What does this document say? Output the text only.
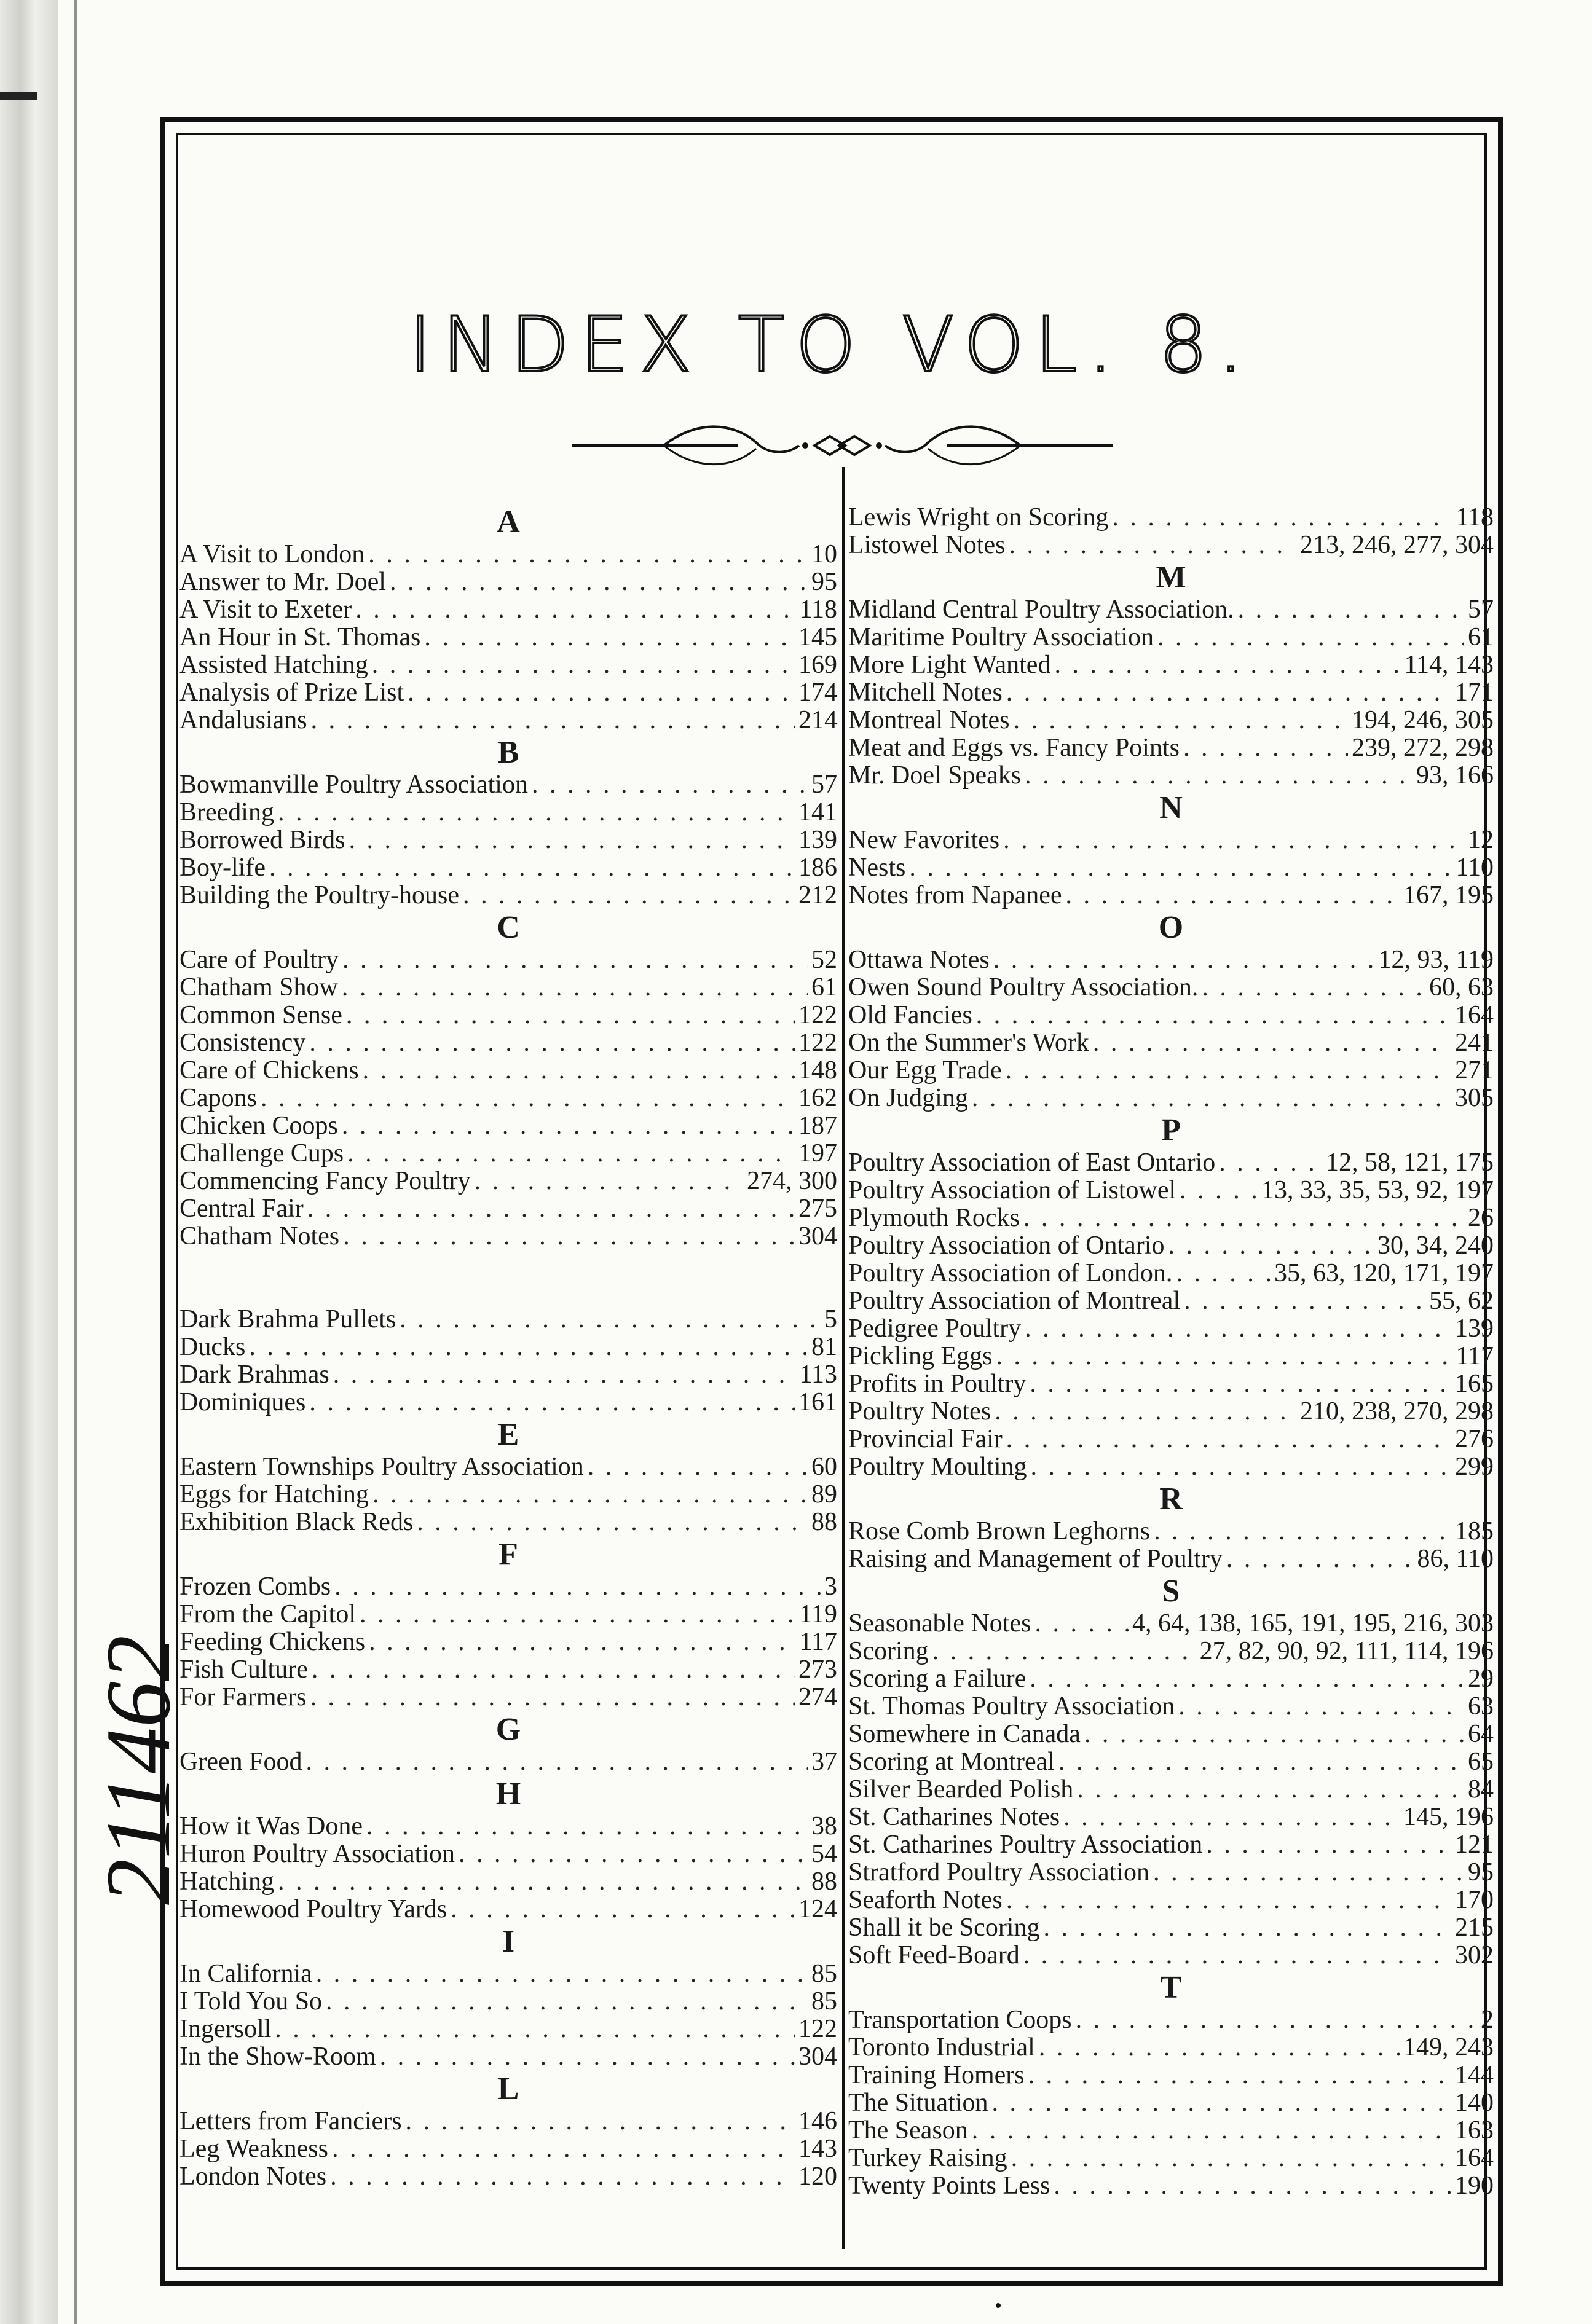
211462
INDEX TO VOL. 8.
A
A Visit to London . . .	10
Answer to Mr. Doel . . .	95
A Visit to Exeter . . .	118
An Hour in St. Thomas . . .	145
Assisted Hatching . . .	169
Analysis of Prize List . . .	174
Andalusians . . .	214
B
Bowmanville Poultry Association . . .	57
Breeding . . .	141
Borrowed Birds . . .	139
Boy-life . . .	186
Building the Poultry-house . . .	212
C
Care of Poultry . . .	52
Chatham Show . . .	61
Common Sense . . .	122
Consistency . . .	122
Care of Chickens . . .	148
Capons . . .	162
Chicken Coops . . .	187
Challenge Cups . . .	197
Commencing Fancy Poultry . . .	274, 300
Central Fair . . .	275
Chatham Notes . . .	304
Dark Brahma Pullets . . .	5
Ducks . . .	81
Dark Brahmas . . .	113
Dominiques . . .	161
E
Eastern Townships Poultry Association . . .	60
Eggs for Hatching . . .	89
Exhibition Black Reds . . .	88
F
Frozen Combs . . .	3
From the Capitol . . .	119
Feeding Chickens . . .	117
Fish Culture . . .	273
For Farmers . . .	274
G
Green Food . . .	37
H
How it Was Done . . .	38
Huron Poultry Association . . .	54
Hatching . . .	88
Homewood Poultry Yards . . .	124
I
In California . . .	85
I Told You So . . .	85
Ingersoll . . .	122
In the Show-Room . . .	304
L
Letters from Fanciers . . .	146
Leg Weakness . . .	143
London Notes . . .	120
Lewis Wright on Scoring . . .	118
Listowel Notes . . .	213, 246, 277, 304
M
Midland Central Poultry Association. . . .	57
Maritime Poultry Association . . .	61
More Light Wanted . . .	114, 143
Mitchell Notes . . .	171
Montreal Notes . . .	194, 246, 305
Meat and Eggs vs. Fancy Points . . .	239, 272, 298
Mr. Doel Speaks . . .	93, 166
N
New Favorites . . .	12
Nests . . .	110
Notes from Napanee . . .	167, 195
O
Ottawa Notes . . .	12, 93, 119
Owen Sound Poultry Association. . . .	60, 63
Old Fancies . . .	164
On the Summer's Work . . .	241
Our Egg Trade . . .	271
On Judging . . .	305
P
Poultry Association of East Ontario . . .	12, 58, 121, 175
Poultry Association of Listowel . . .	13, 33, 35, 53, 92, 197
Plymouth Rocks . . .	26
Poultry Association of Ontario . . .	30, 34, 240
Poultry Association of London. . . .	35, 63, 120, 171, 197
Poultry Association of Montreal . . .	55, 62
Pedigree Poultry . . .	139
Pickling Eggs . . .	117
Profits in Poultry . . .	165
Poultry Notes . . .	210, 238, 270, 298
Provincial Fair . . .	276
Poultry Moulting . . .	299
R
Rose Comb Brown Leghorns . . .	185
Raising and Management of Poultry . . .	86, 110
S
Seasonable Notes . . .	4, 64, 138, 165, 191, 195, 216, 303
Scoring . . .	27, 82, 90, 92, 111, 114, 196
Scoring a Failure . . .	29
St. Thomas Poultry Association . . .	63
Somewhere in Canada . . .	64
Scoring at Montreal . . .	65
Silver Bearded Polish . . .	84
St. Catharines Notes . . .	145, 196
St. Catharines Poultry Association . . .	121
Stratford Poultry Association . . .	95
Seaforth Notes . . .	170
Shall it be Scoring . . .	215
Soft Feed-Board . . .	302
T
Transportation Coops . . .	2
Toronto Industrial . . .	149, 243
Training Homers . . .	144
The Situation . . .	140
The Season . . .	163
Turkey Raising . . .	164
Twenty Points Less . . .	190
